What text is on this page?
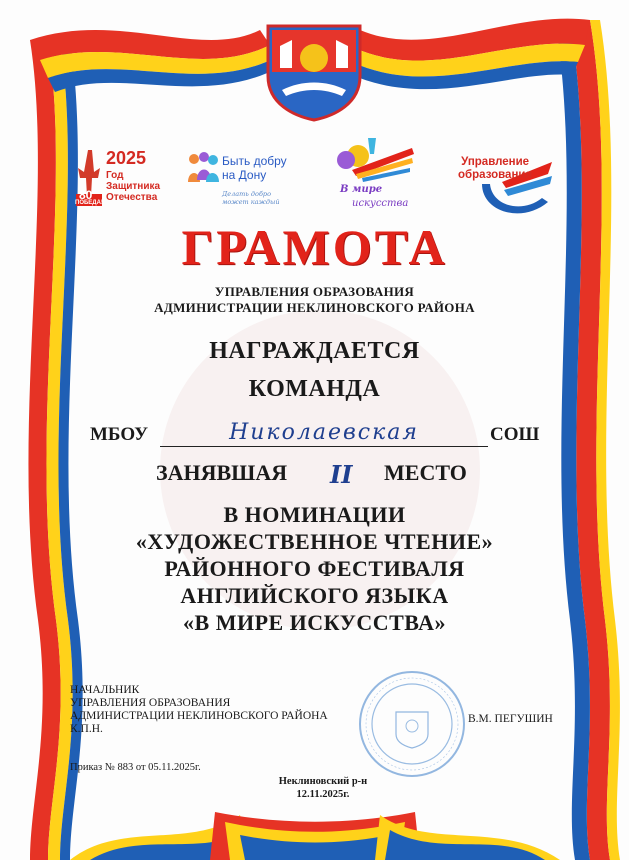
80
ПОБЕДА!
2025
Год
Защитника
Отечества
Быть добру
на Дону
Делать добро
может каждый
В мире
искусства
Управление
образования
ГРАМОТА
УПРАВЛЕНИЯ ОБРАЗОВАНИЯ
АДМИНИСТРАЦИИ НЕКЛИНОВСКОГО РАЙОНА
НАГРАЖДАЕТСЯ
КОМАНДА
МБОУ	Николаевская	СОШ
ЗАНЯВШАЯ II МЕСТО
В НОМИНАЦИИ
«ХУДОЖЕСТВЕННОЕ ЧТЕНИЕ»
РАЙОННОГО ФЕСТИВАЛЯ
АНГЛИЙСКОГО ЯЗЫКА
«В МИРЕ ИСКУССТВА»
НАЧАЛЬНИК
УПРАВЛЕНИЯ ОБРАЗОВАНИЯ
АДМИНИСТРАЦИИ НЕКЛИНОВСКОГО РАЙОНА
К.П.Н.
В.М. ПЕГУШИН
Приказ № 883 от 05.11.2025г.
Неклиновский р-н
12.11.2025г.
